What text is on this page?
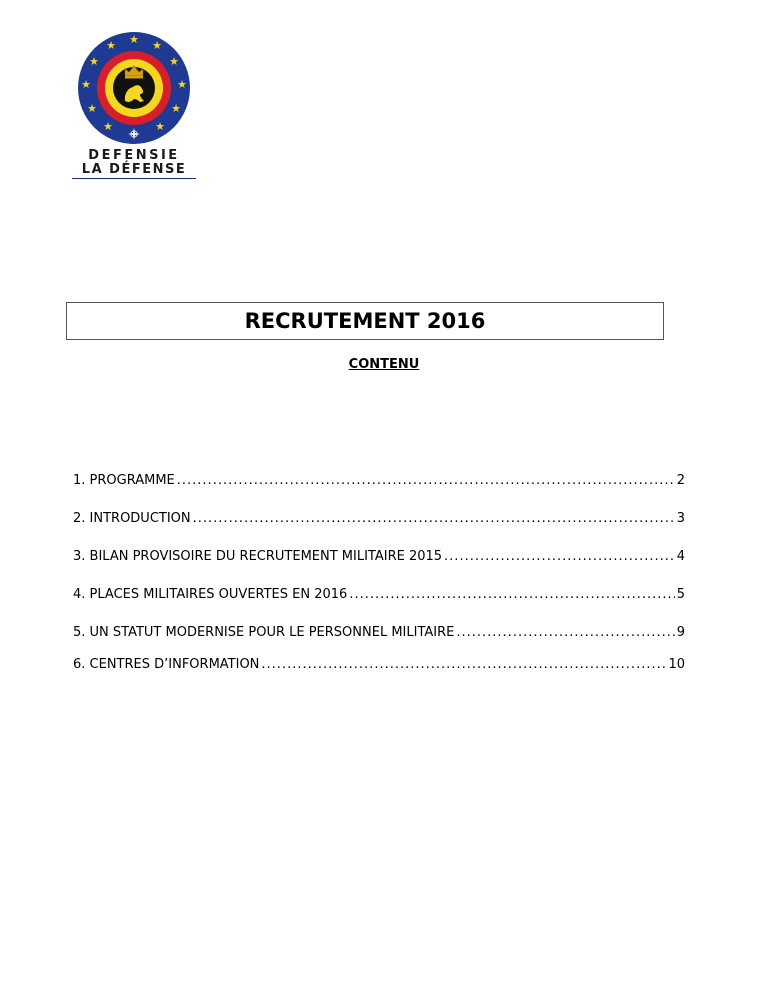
★ ★
★
★
★
★
★
★
★
★
★
DEFENSIE
LA DÉFENSE
RECRUTEMENT 2016
CONTENU
1. PROGRAMME .....	2
2. INTRODUCTION .....	3
3. BILAN PROVISOIRE DU RECRUTEMENT MILITAIRE 2015 .....	4
4. PLACES MILITAIRES OUVERTES EN 2016 .....	5
5. UN STATUT MODERNISE POUR LE PERSONNEL MILITAIRE .....	9
6. CENTRES D’INFORMATION .....	10
